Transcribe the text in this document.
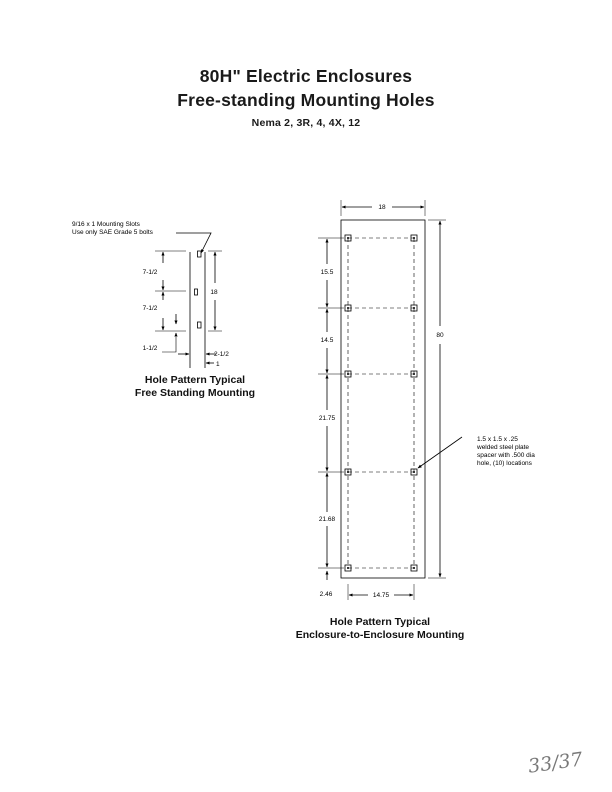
80H" Electric Enclosures
Free-standing Mounting Holes
Nema 2, 3R, 4, 4X, 12
9/16 x 1 Mounting Slots
Use only SAE Grade 5 bolts
7-1/2
7-1/2
18
1-1/2
2-1/2
1
18
80
15.5
14.5
21.75
21.68
2.46	14.75
1.5 x 1.5 x .25
welded steel plate
spacer with .500 dia
hole, (10) locations
Hole Pattern Typical
Free Standing Mounting
Hole Pattern Typical
Enclosure-to-Enclosure Mounting
33/37
